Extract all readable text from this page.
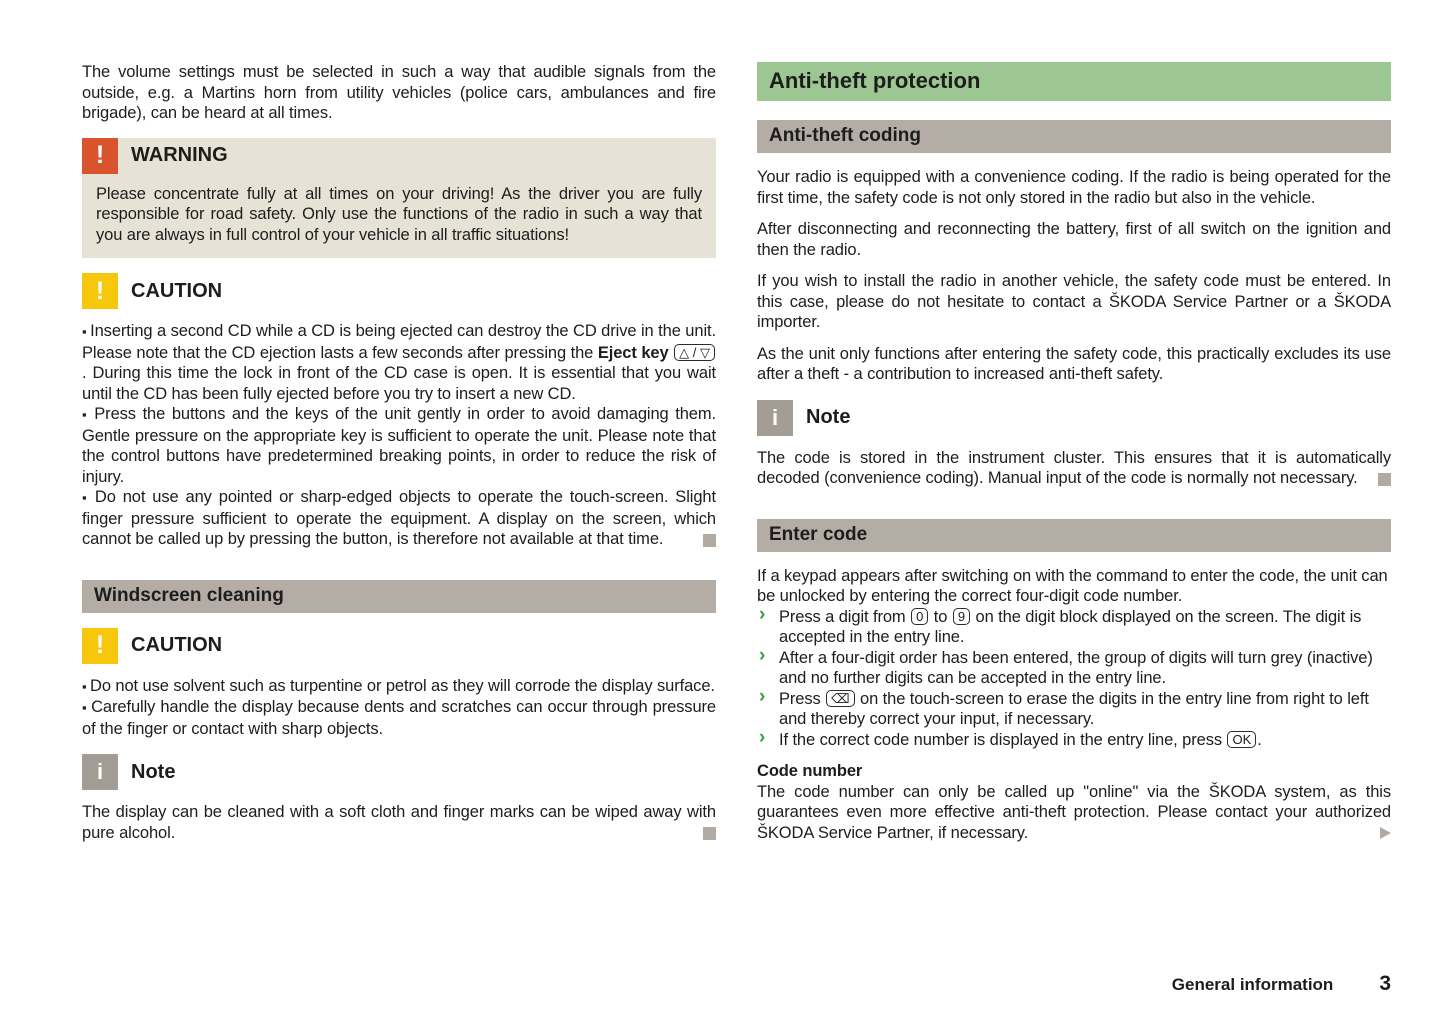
The volume settings must be selected in such a way that audible signals from the outside, e.g. a Martins horn from utility vehicles (police cars, ambulances and fire brigade), can be heard at all times.

!	WARNING

Please concentrate fully at all times on your driving! As the driver you are fully responsible for road safety. Only use the functions of the radio in such a way that you are always in full control of your vehicle in all traffic situations!

!	CAUTION

▪ Inserting a second CD while a CD is being ejected can destroy the CD drive in the unit. Please note that the CD ejection lasts a few seconds after pressing the Eject key △ / ▽. During this time the lock in front of the CD case is open. It is essential that you wait until the CD has been fully ejected before you try to insert a new CD.

▪ Press the buttons and the keys of the unit gently in order to avoid damaging them. Gentle pressure on the appropriate key is sufficient to operate the unit. Please note that the control buttons have predetermined breaking points, in order to reduce the risk of injury.

▪ Do not use any pointed or sharp-edged objects to operate the touch-screen. Slight finger pressure sufficient to operate the equipment. A display on the screen, which cannot be called up by pressing the button, is therefore not available at that time.

Windscreen cleaning
!	CAUTION

▪ Do not use solvent such as turpentine or petrol as they will corrode the display surface.

▪ Carefully handle the display because dents and scratches can occur through pressure of the finger or contact with sharp objects.

i	Note

The display can be cleaned with a soft cloth and finger marks can be wiped away with pure alcohol.

Anti-theft protection
Anti-theft coding

Your radio is equipped with a convenience coding. If the radio is being operated for the first time, the safety code is not only stored in the radio but also in the vehicle.

After disconnecting and reconnecting the battery, first of all switch on the ignition and then the radio.

If you wish to install the radio in another vehicle, the safety code must be entered. In this case, please do not hesitate to contact a ŠKODA Service Partner or a ŠKODA importer.

As the unit only functions after entering the safety code, this practically excludes its use after a theft - a contribution to increased anti-theft safety.

i	Note

The code is stored in the instrument cluster. This ensures that it is automatically decoded (convenience coding). Manual input of the code is normally not necessary.

Enter code

If a keypad appears after switching on with the command to enter the code, the unit can be unlocked by entering the correct four-digit code number.

› Press a digit from 0 to 9 on the digit block displayed on the screen. The digit is accepted in the entry line.

› After a four-digit order has been entered, the group of digits will turn grey (inactive) and no further digits can be accepted in the entry line.

› Press ⌫ on the touch-screen to erase the digits in the entry line from right to left and thereby correct your input, if necessary.

› If the correct code number is displayed in the entry line, press OK .

Code number

The code number can only be called up "online" via the ŠKODA system, as this guarantees even more effective anti-theft protection. Please contact your authorized ŠKODA Service Partner, if necessary.

General information 3
